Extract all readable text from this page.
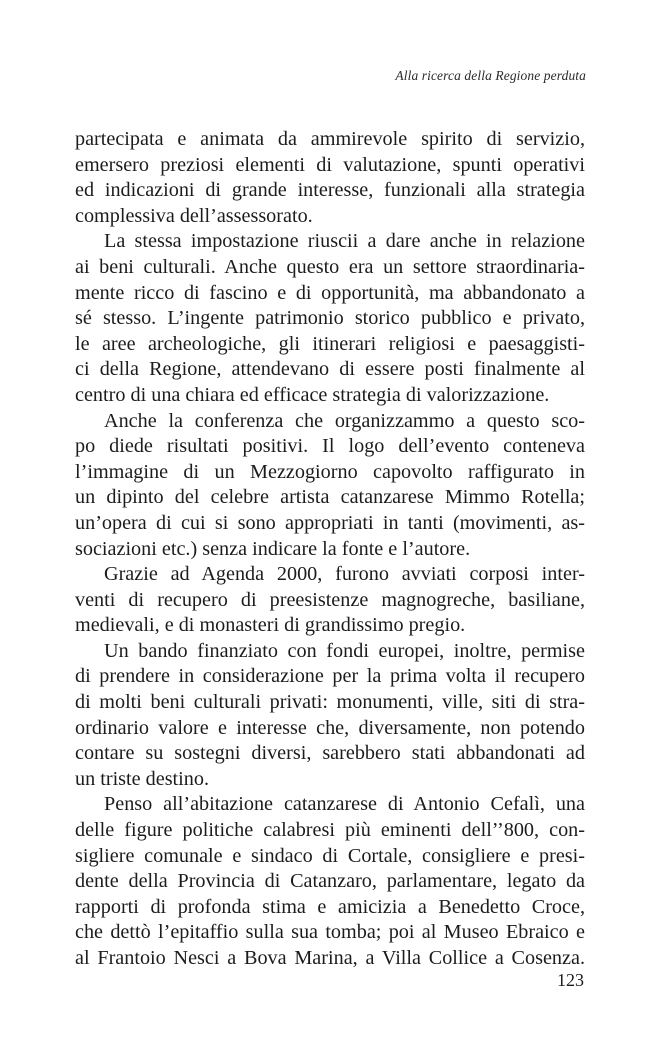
Alla ricerca della Regione perduta
partecipata e animata da ammirevole spirito di servizio,
emersero preziosi elementi di valutazione, spunti operativi
ed indicazioni di grande interesse, funzionali alla strategia
complessiva dell’assessorato.
La stessa impostazione riuscii a dare anche in relazione
ai beni culturali. Anche questo era un settore straordinaria-
mente ricco di fascino e di opportunità, ma abbandonato a
sé stesso. L’ingente patrimonio storico pubblico e privato,
le aree archeologiche, gli itinerari religiosi e paesaggisti-
ci della Regione, attendevano di essere posti finalmente al
centro di una chiara ed efficace strategia di valorizzazione.
Anche la conferenza che organizzammo a questo sco-
po diede risultati positivi. Il logo dell’evento conteneva
l’immagine di un Mezzogiorno capovolto raffigurato in
un dipinto del celebre artista catanzarese Mimmo Rotella;
un’opera di cui si sono appropriati in tanti (movimenti, as-
sociazioni etc.) senza indicare la fonte e l’autore.
Grazie ad Agenda 2000, furono avviati corposi inter-
venti di recupero di preesistenze magnogreche, basiliane,
medievali, e di monasteri di grandissimo pregio.
Un bando finanziato con fondi europei, inoltre, permise
di prendere in considerazione per la prima volta il recupero
di molti beni culturali privati: monumenti, ville, siti di stra-
ordinario valore e interesse che, diversamente, non potendo
contare su sostegni diversi, sarebbero stati abbandonati ad
un triste destino.
Penso all’abitazione catanzarese di Antonio Cefalì, una
delle figure politiche calabresi più eminenti dell’’800, con-
sigliere comunale e sindaco di Cortale, consigliere e presi-
dente della Provincia di Catanzaro, parlamentare, legato da
rapporti di profonda stima e amicizia a Benedetto Croce,
che dettò l’epitaffio sulla sua tomba; poi al Museo Ebraico e
al Frantoio Nesci a Bova Marina, a Villa Collice a Cosenza.
123
